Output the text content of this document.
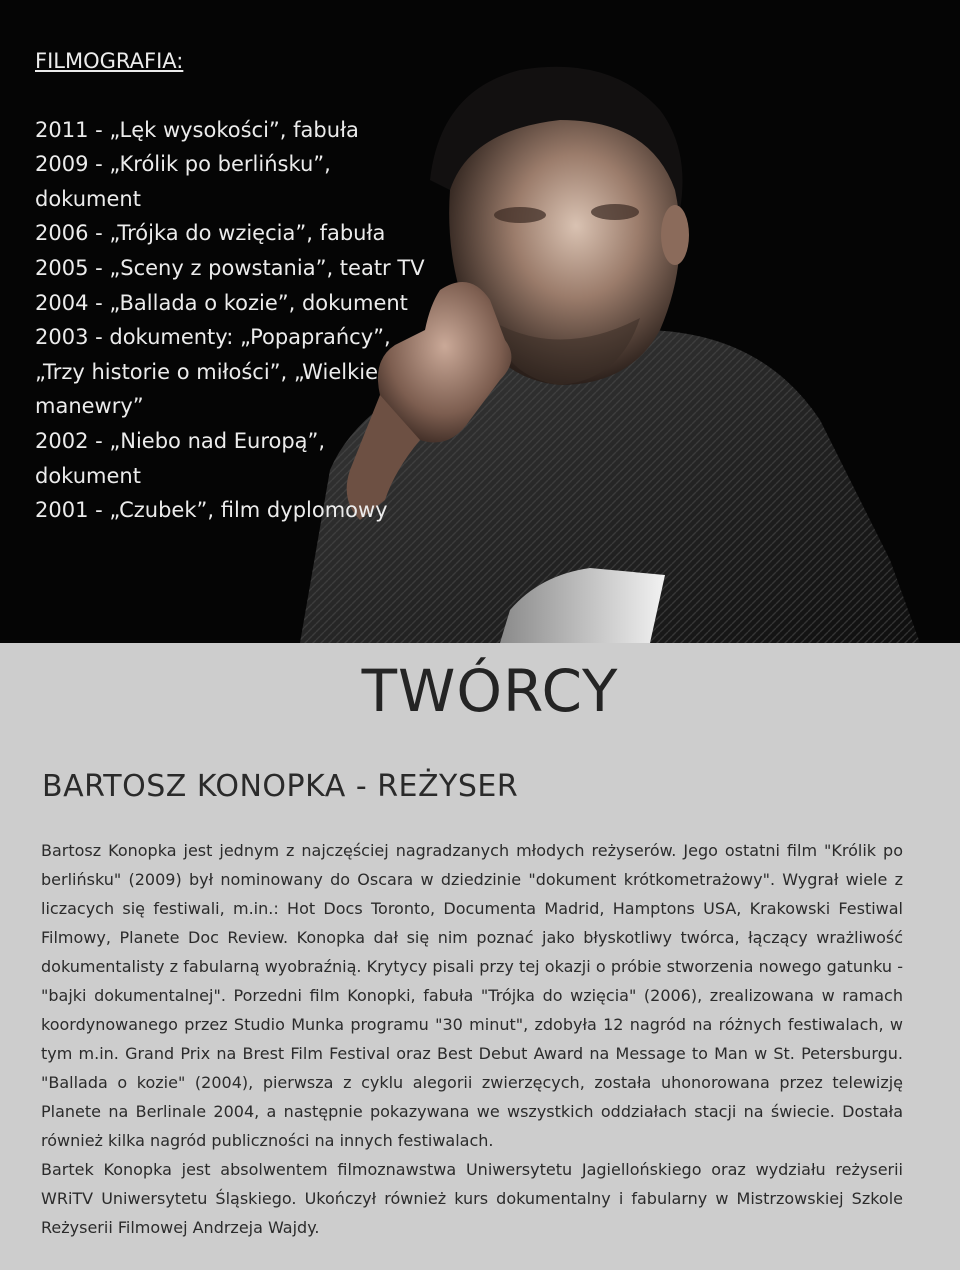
FILMOGRAFIA:
2011 - „Lęk wysokości”, fabuła
2009 - „Królik po berlińsku”,
dokument
2006 - „Trójka do wzięcia”, fabuła
2005 - „Sceny z powstania”, teatr TV
2004 - „Ballada o kozie”, dokument
2003 - dokumenty: „Popaprańcy”,
„Trzy historie o miłości”, „Wielkie
manewry”
2002 - „Niebo nad Europą”,
dokument
2001 - „Czubek”, film dyplomowy
TWÓRCY
BARTOSZ KONOPKA - REŻYSER

Bartosz Konopka jest jednym z najczęściej nagradzanych młodych reżyserów. Jego ostatni film "Królik po berlińsku" (2009) był nominowany do Oscara w dziedzinie "dokument krótkometrażowy". Wygrał wiele z liczacych się festiwali, m.in.: Hot Docs Toronto, Documenta Madrid, Hamptons USA, Krakowski Festiwal Filmowy, Planete Doc Review. Konopka dał się nim poznać jako błyskotliwy twórca, łączący wrażliwość dokumentalisty z fabularną wyobraźnią. Krytycy pisali przy tej okazji o próbie stworzenia nowego gatunku - "bajki dokumentalnej". Porzedni film Konopki, fabuła "Trójka do wzięcia" (2006), zrealizowana w ramach koordynowanego przez Studio Munka programu "30 minut", zdobyła 12 nagród na różnych festiwalach, w tym m.in. Grand Prix na Brest Film Festival oraz Best Debut Award na Message to Man w St. Petersburgu. "Ballada o kozie" (2004), pierwsza z cyklu alegorii zwierzęcych, została uhonorowana przez telewizję Planete na Berlinale 2004, a następnie pokazywana we wszystkich oddziałach stacji na świecie. Dostała również kilka nagród publiczności na innych festiwalach.

Bartek Konopka jest absolwentem filmoznawstwa Uniwersytetu Jagiellońskiego oraz wydziału reżyserii WRiTV Uniwersytetu Śląskiego. Ukończył również kurs dokumentalny i fabularny w Mistrzowskiej Szkole Reżyserii Filmowej Andrzeja Wajdy.
